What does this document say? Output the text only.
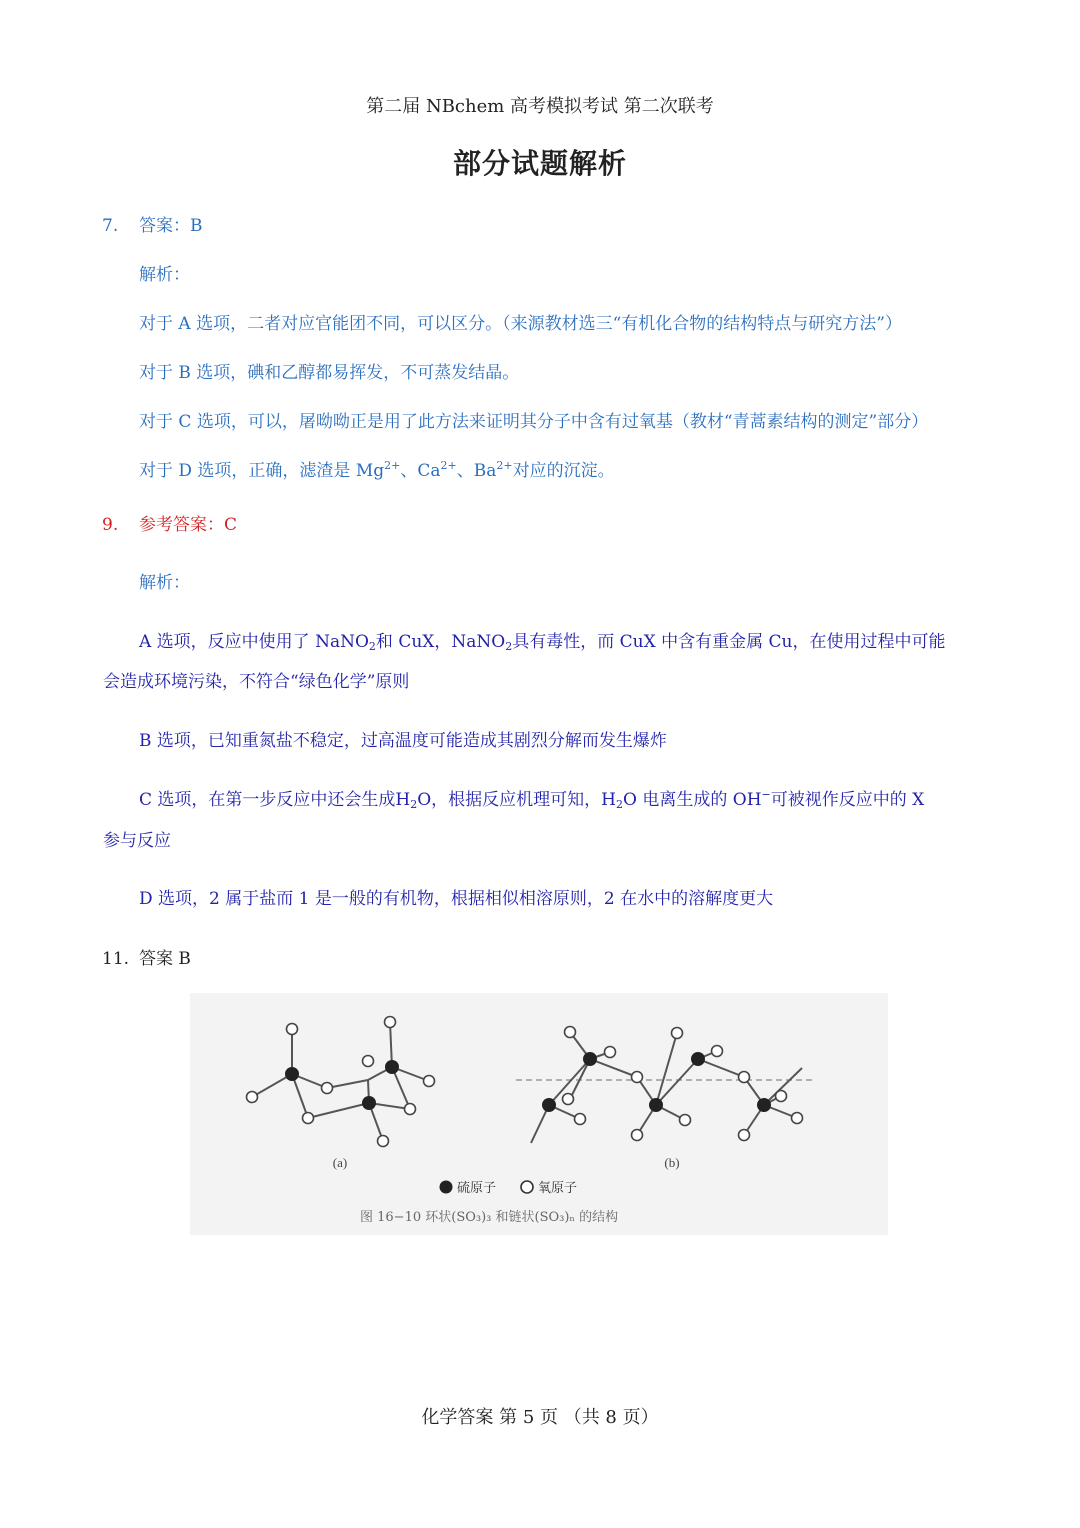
第二届 NBchem 高考模拟考试 第二次联考
部分试题解析
7. 答案：B
解析：
对于 A 选项，二者对应官能团不同，可以区分。（来源教材选三“有机化合物的结构特点与研究方法”）
对于 B 选项，碘和乙醇都易挥发，不可蒸发结晶。
对于 C 选项，可以，屠呦呦正是用了此方法来证明其分子中含有过氧基（教材“青蒿素结构的测定”部分）
对于 D 选项，正确，滤渣是 $Mg^{2+}$、$Ca^{2+}$、$Ba^{2+}$对应的沉淀。
9. 参考答案：C
解析：
A 选项，反应中使用了 NaNO$_2$和 CuX，NaNO$_2$具有毒性，而 CuX 中含有重金属 Cu，在使用过程中可能
会造成环境污染，不符合“绿色化学”原则
B 选项，已知重氮盐不稳定，过高温度可能造成其剧烈分解而发生爆炸
C 选项，在第一步反应中还会生成$H_2O$，根据反应机理可知，$H_2O$ 电离生成的 OH−可被视作反应中的 X
参与反应
D 选项，2 属于盐而 1 是一般的有机物，根据相似相溶原则，2 在水中的溶解度更大
11. 答案 B
(a)	(b)
硫原子	氧原子
图 16−10 环状(SO₃)₃ 和链状(SO₃)ₙ 的结构
化学答案 第 5 页 （共 8 页）
